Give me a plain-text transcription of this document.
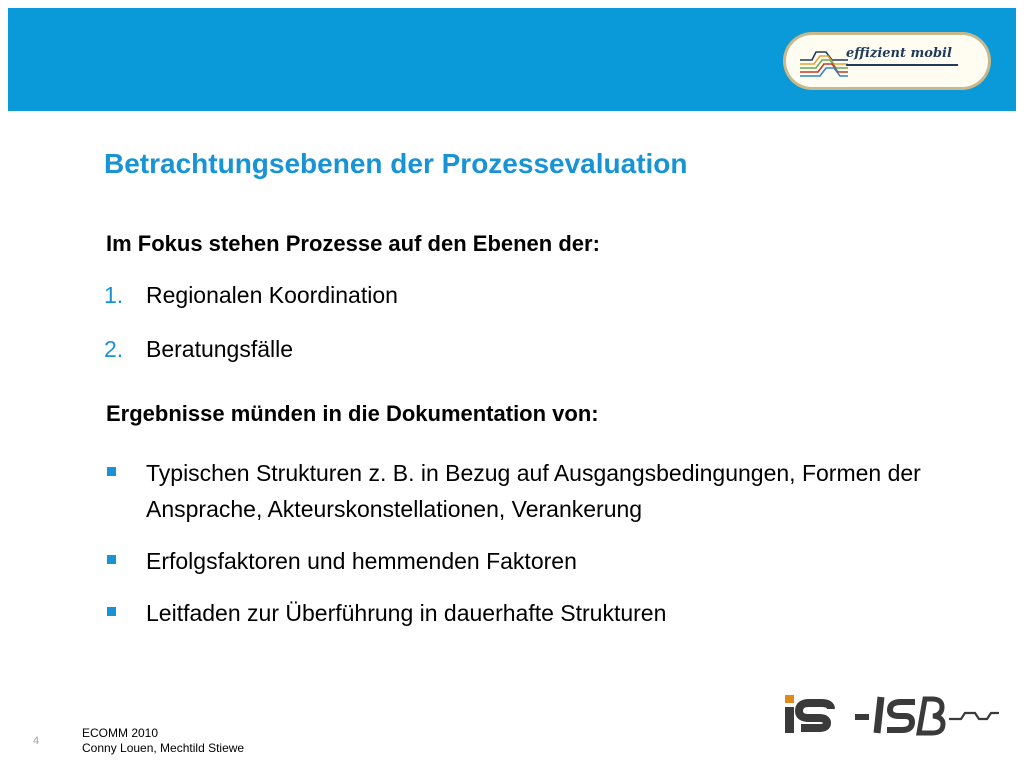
effizient mobil
Betrachtungsebenen der Prozessevaluation
Im Fokus stehen Prozesse auf den Ebenen der:
1. Regionalen Koordination
2. Beratungsfälle
Ergebnisse münden in die Dokumentation von:
Typischen Strukturen z. B. in Bezug auf Ausgangsbedingungen, Formen der Ansprache, Akteurskonstellationen, Verankerung
Erfolgsfaktoren und hemmenden Faktoren
Leitfaden zur Überführung in dauerhafte Strukturen
4
ECOMM 2010
Conny Louen, Mechtild Stiewe
